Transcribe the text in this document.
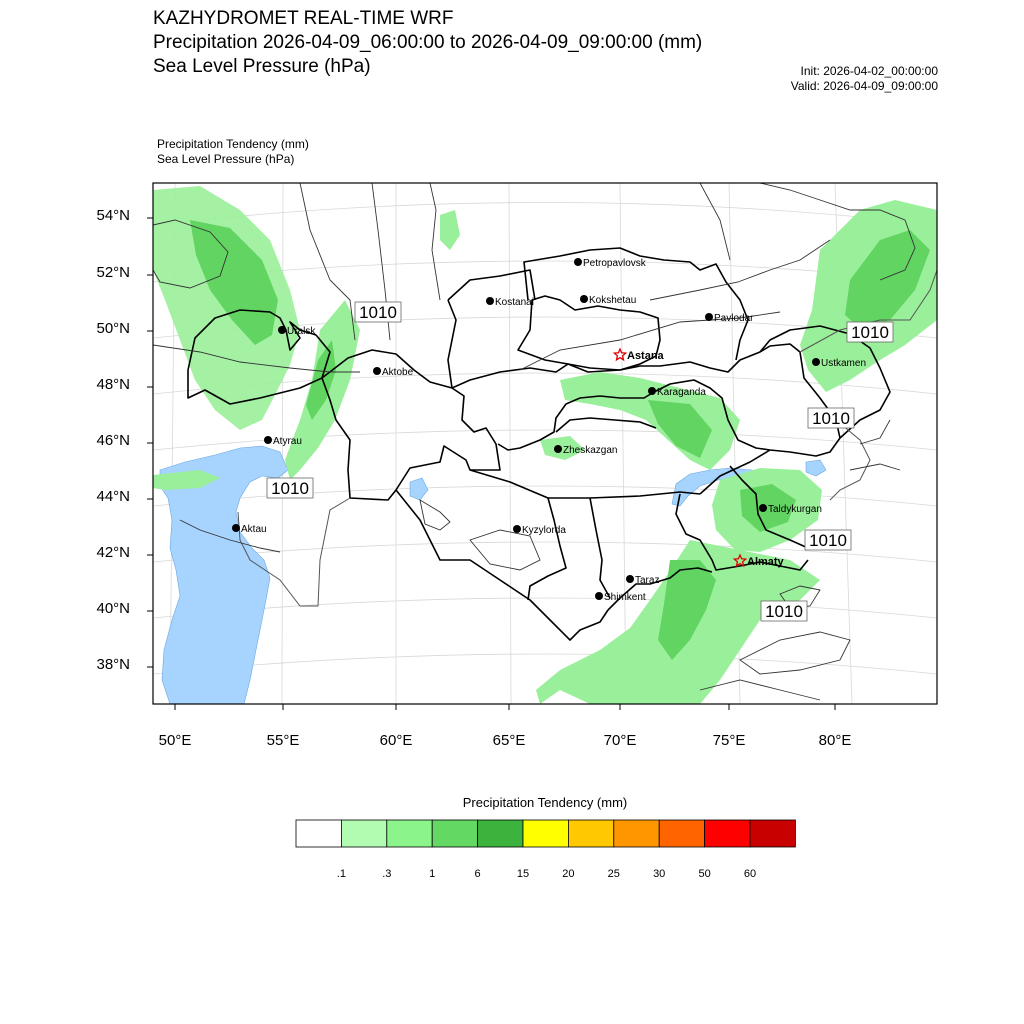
KAZHYDROMET REAL-TIME WRF
Precipitation 2026-04-09_06:00:00 to 2026-04-09_09:00:00 (mm)
Sea Level Pressure (hPa)	Init: 2026-04-02_00:00:00
Valid: 2026-04-09_09:00:00
Precipitation Tendency (mm)
Sea Level Pressure (hPa)
1010
1010
1010
1010
1010
1010
Petropavlovsk
Kostanai	Kokshetau
Pavlodar
Uralsk
Aktobe
Astana
Karaganda
Ustkamen
Atyrau
Zheskazgan
Taldykurgan
Aktau	Kyzylorda
Almaty
Taraz
Shimkent
54°N
52°N
50°N
48°N
46°N
44°N
42°N
40°N
38°N
50°E	55°E	60°E	65°E	70°E	75°E	80°E
Precipitation Tendency (mm)
.1	.3	1	6	15	20	25	30	50	60
